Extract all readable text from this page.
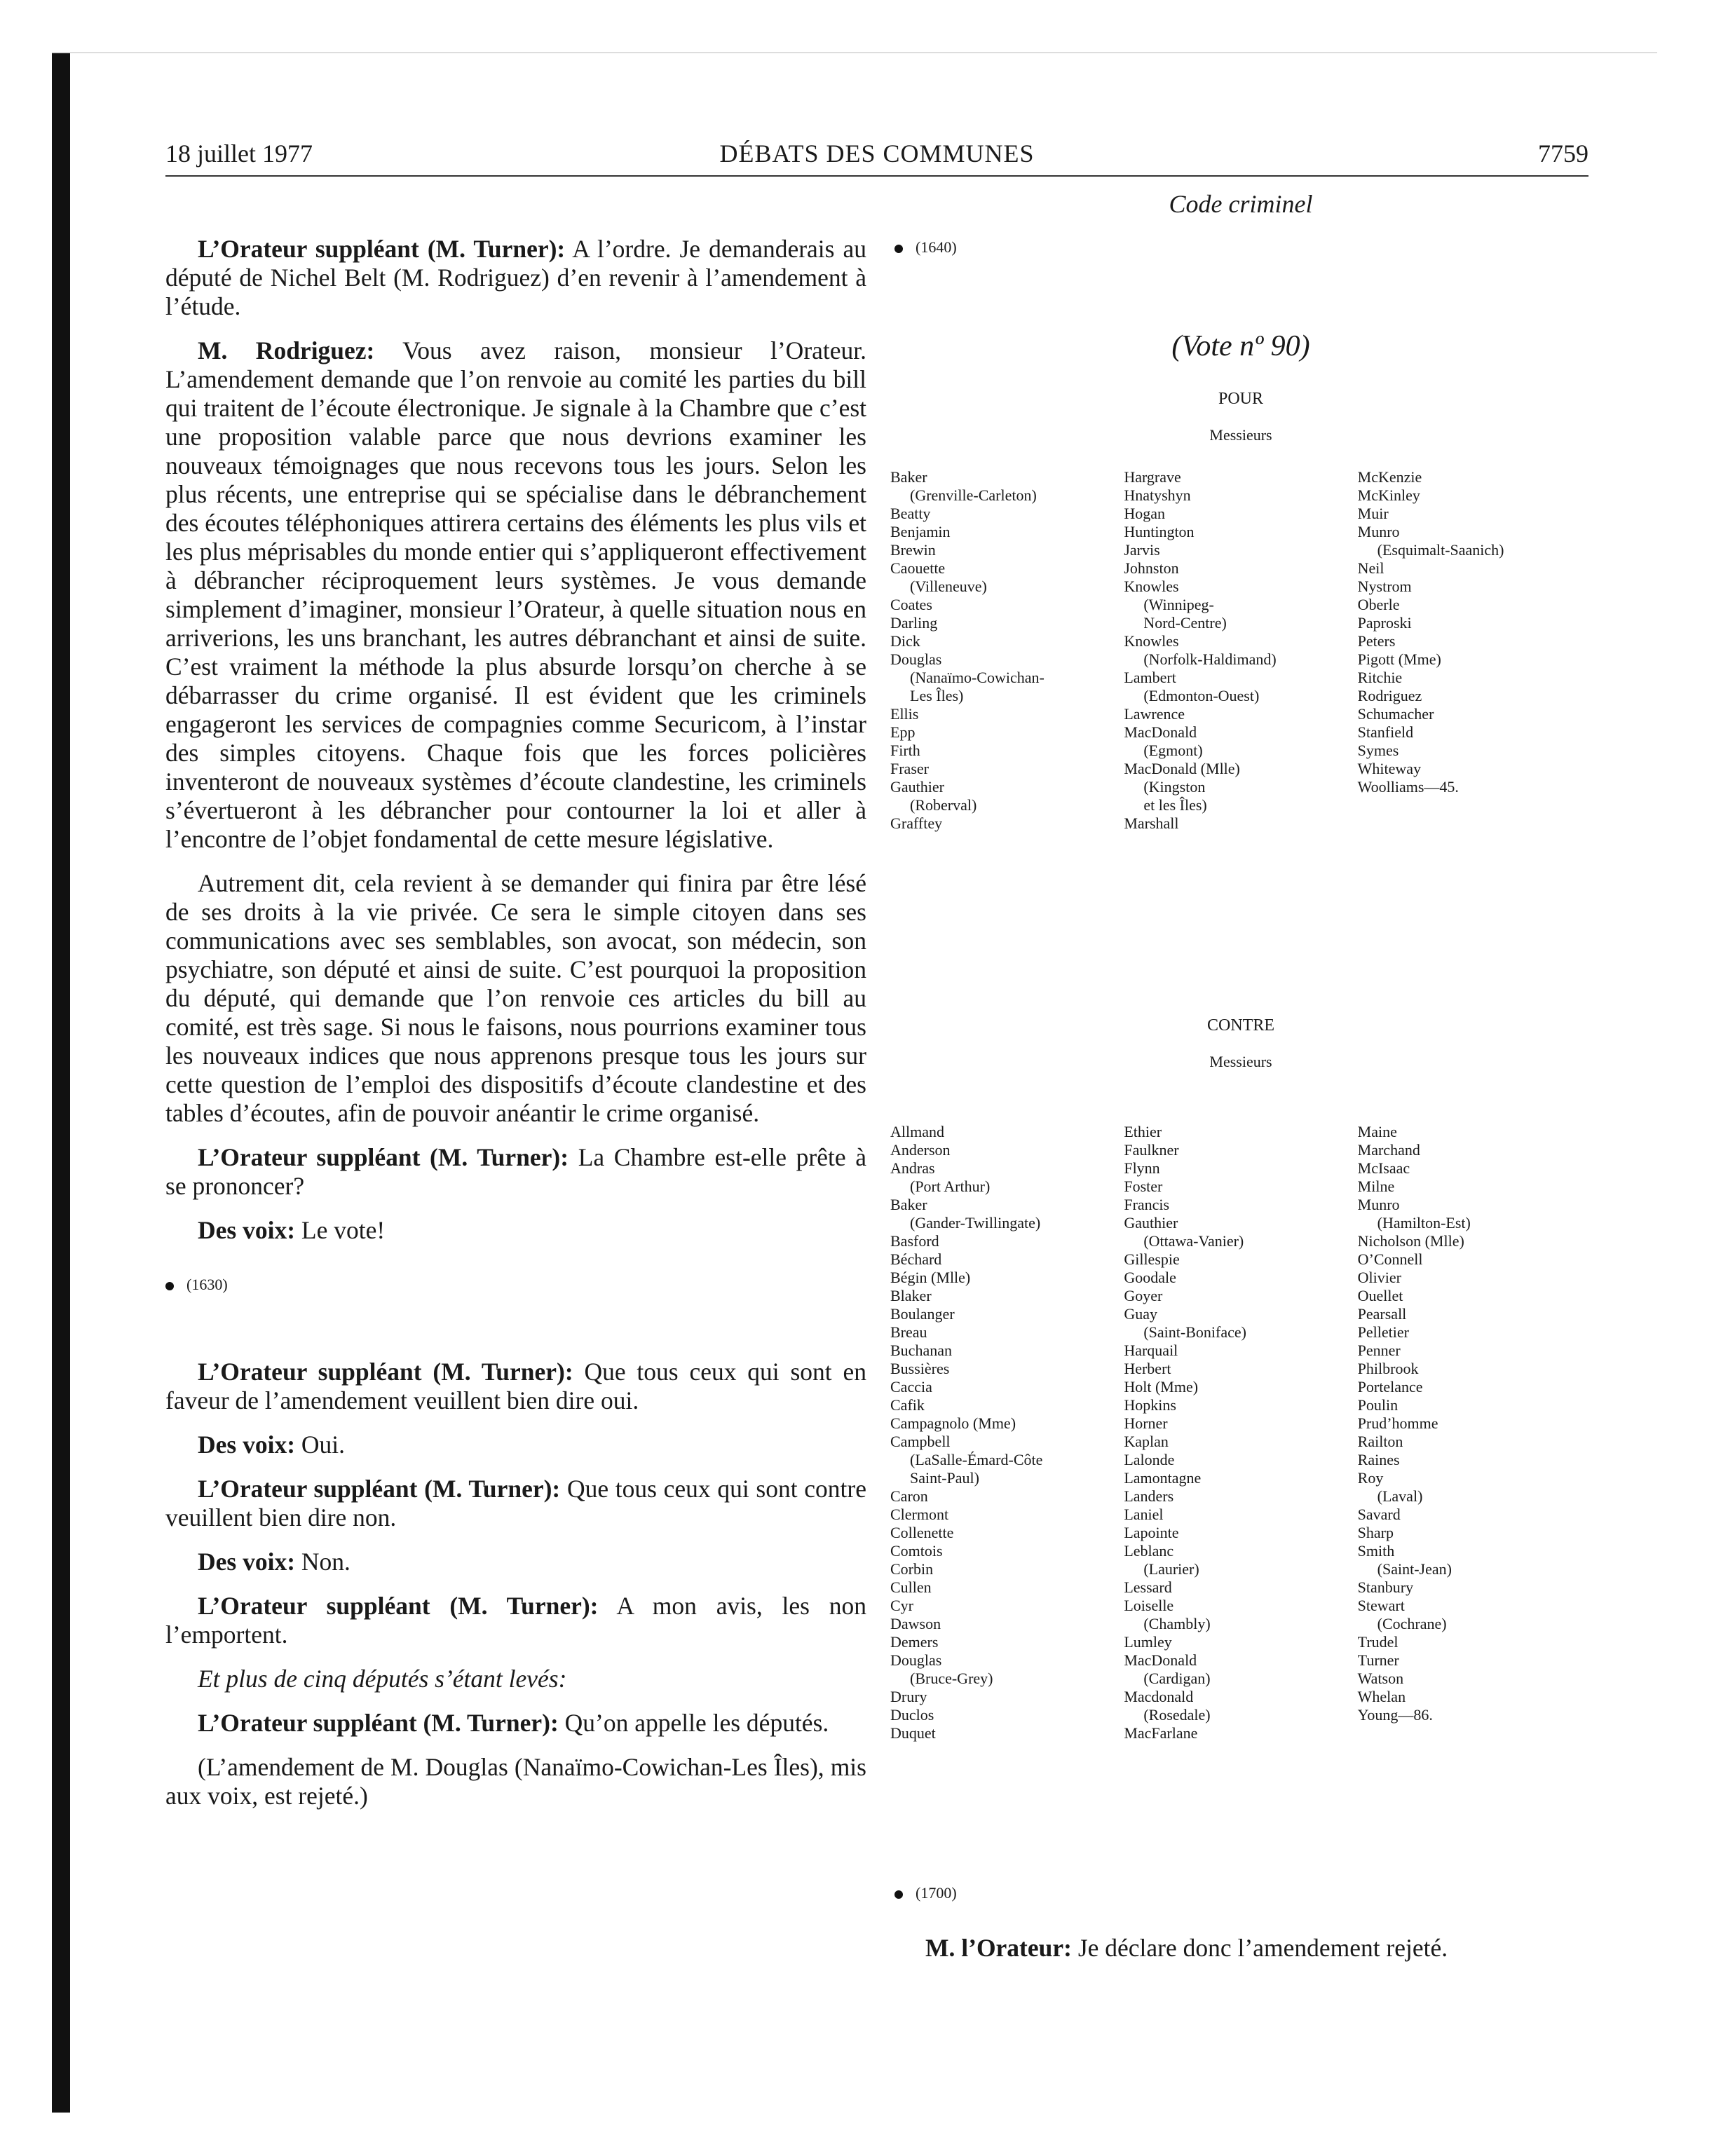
18 juillet 1977	DÉBATS DES COMMUNES	7759

L’Orateur suppléant (M. Turner): A l’ordre. Je demanderais au député de Nichel Belt (M. Rodriguez) d’en revenir à l’amendement à l’étude.

M. Rodriguez: Vous avez raison, monsieur l’Orateur. L’amendement demande que l’on renvoie au comité les parties du bill qui traitent de l’écoute électronique. Je signale à la Chambre que c’est une proposition valable parce que nous devrions examiner les nouveaux témoignages que nous recevons tous les jours. Selon les plus récents, une entreprise qui se spécialise dans le débranchement des écoutes téléphoniques attirera certains des éléments les plus vils et les plus méprisables du monde entier qui s’appliqueront effectivement à débrancher réciproquement leurs systèmes. Je vous demande simplement d’imaginer, monsieur l’Orateur, à quelle situation nous en arriverions, les uns branchant, les autres débranchant et ainsi de suite. C’est vraiment la méthode la plus absurde lorsqu’on cherche à se débarrasser du crime organisé. Il est évident que les criminels engageront les services de compagnies comme Securicom, à l’instar des simples citoyens. Chaque fois que les forces policières inventeront de nouveaux systèmes d’écoute clandestine, les criminels s’évertueront à les débrancher pour contourner la loi et aller à l’encontre de l’objet fondamental de cette mesure législative.

Autrement dit, cela revient à se demander qui finira par être lésé de ses droits à la vie privée. Ce sera le simple citoyen dans ses communications avec ses semblables, son avocat, son médecin, son psychiatre, son député et ainsi de suite. C’est pourquoi la proposition du député, qui demande que l’on renvoie ces articles du bill au comité, est très sage. Si nous le faisons, nous pourrions examiner tous les nouveaux indices que nous apprenons presque tous les jours sur cette question de l’emploi des dispositifs d’écoute clandestine et des tables d’écoutes, afin de pouvoir anéantir le crime organisé.

L’Orateur suppléant (M. Turner): La Chambre est-elle prête à se prononcer?

Des voix: Le vote!

(1630)

L’Orateur suppléant (M. Turner): Que tous ceux qui sont en faveur de l’amendement veuillent bien dire oui.

Des voix: Oui.

L’Orateur suppléant (M. Turner): Que tous ceux qui sont contre veuillent bien dire non.

Des voix: Non.

L’Orateur suppléant (M. Turner): A mon avis, les non l’emportent.

Et plus de cinq députés s’étant levés:

L’Orateur suppléant (M. Turner): Qu’on appelle les députés.

(L’amendement de M. Douglas (Nanaïmo-Cowichan-Les Îles), mis aux voix, est rejeté.)

Code criminel
(1640)
(Vote nº 90)
POUR
Messieurs
Baker
(Grenville-Carleton)
Beatty
Benjamin
Brewin
Caouette
(Villeneuve)
Coates
Darling
Dick
Douglas
(Nanaïmo-Cowichan-
Les Îles)
Ellis
Epp
Firth
Fraser
Gauthier
(Roberval)
Grafftey
Hargrave
Hnatyshyn
Hogan
Huntington
Jarvis
Johnston
Knowles
(Winnipeg-
Nord-Centre)
Knowles
(Norfolk-Haldimand)
Lambert
(Edmonton-Ouest)
Lawrence
MacDonald
(Egmont)
MacDonald (Mlle)
(Kingston
et les Îles)
Marshall
McKenzie
McKinley
Muir
Munro
(Esquimalt-Saanich)
Neil
Nystrom
Oberle
Paproski
Peters
Pigott (Mme)
Ritchie
Rodriguez
Schumacher
Stanfield
Symes
Whiteway
Woolliams—45.
CONTRE
Messieurs
Allmand
Anderson
Andras
(Port Arthur)
Baker
(Gander-Twillingate)
Basford
Béchard
Bégin (Mlle)
Blaker
Boulanger
Breau
Buchanan
Bussières
Caccia
Cafik
Campagnolo (Mme)
Campbell
(LaSalle-Émard-Côte
Saint-Paul)
Caron
Clermont
Collenette
Comtois
Corbin
Cullen
Cyr
Dawson
Demers
Douglas
(Bruce-Grey)
Drury
Duclos
Duquet
Ethier
Faulkner
Flynn
Foster
Francis
Gauthier
(Ottawa-Vanier)
Gillespie
Goodale
Goyer
Guay
(Saint-Boniface)
Harquail
Herbert
Holt (Mme)
Hopkins
Horner
Kaplan
Lalonde
Lamontagne
Landers
Laniel
Lapointe
Leblanc
(Laurier)
Lessard
Loiselle
(Chambly)
Lumley
MacDonald
(Cardigan)
Macdonald
(Rosedale)
MacFarlane
Maine
Marchand
McIsaac
Milne
Munro
(Hamilton-Est)
Nicholson (Mlle)
O’Connell
Olivier
Ouellet
Pearsall
Pelletier
Penner
Philbrook
Portelance
Poulin
Prud’homme
Railton
Raines
Roy
(Laval)
Savard
Sharp
Smith
(Saint-Jean)
Stanbury
Stewart
(Cochrane)
Trudel
Turner
Watson
Whelan
Young—86.
(1700)
M. l’Orateur: Je déclare donc l’amendement rejeté.
